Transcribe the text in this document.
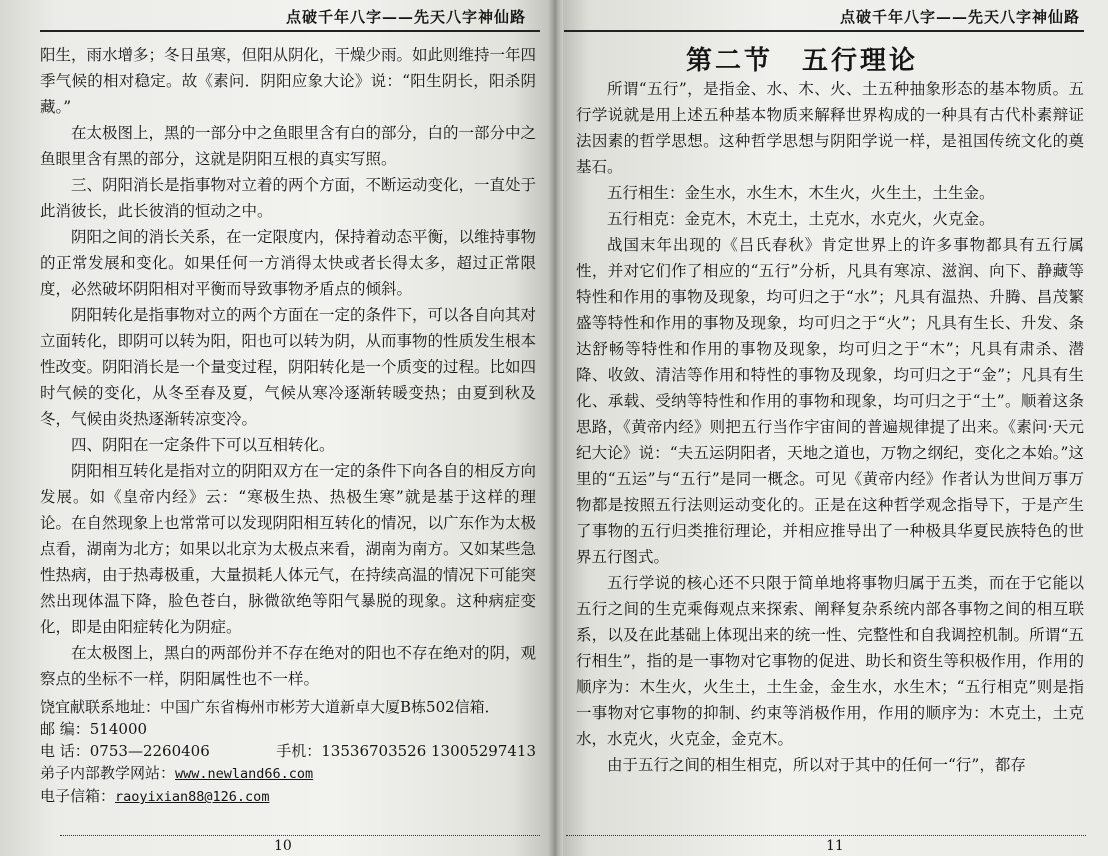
点破千年八字——先天八字神仙路

阳生，雨水增多；冬日虽寒，但阳从阴化，干燥少雨。如此则维持一年四季气候的相对稳定。故《素问．阴阳应象大论》说：“阳生阴长，阳杀阴藏。”

在太极图上，黑的一部分中之鱼眼里含有白的部分，白的一部分中之鱼眼里含有黑的部分，这就是阴阳互根的真实写照。

三、阴阳消长是指事物对立着的两个方面，不断运动变化，一直处于此消彼长，此长彼消的恒动之中。

阴阳之间的消长关系，在一定限度内，保持着动态平衡，以维持事物的正常发展和变化。如果任何一方消得太快或者长得太多，超过正常限度，必然破坏阴阳相对平衡而导致事物矛盾点的倾斜。

阴阳转化是指事物对立的两个方面在一定的条件下，可以各自向其对立面转化，即阴可以转为阳，阳也可以转为阴，从而事物的性质发生根本性改变。阴阳消长是一个量变过程，阴阳转化是一个质变的过程。比如四时气候的变化，从冬至春及夏，气候从寒冷逐渐转暖变热；由夏到秋及冬，气候由炎热逐渐转凉变冷。

四、阴阳在一定条件下可以互相转化。

阴阳相互转化是指对立的阴阳双方在一定的条件下向各自的相反方向发展。如《皇帝内经》云：“寒极生热、热极生寒”就是基于这样的理论。在自然现象上也常常可以发现阴阳相互转化的情况，以广东作为太极点看，湖南为北方；如果以北京为太极点来看，湖南为南方。又如某些急性热病，由于热毒极重，大量损耗人体元气，在持续高温的情况下可能突然出现体温下降，脸色苍白，脉微欲绝等阳气暴脱的现象。这种病症变化，即是由阳症转化为阴症。

在太极图上，黑白的两部份并不存在绝对的阳也不存在绝对的阴，观察点的坐标不一样，阴阳属性也不一样。

饶宜献联系地址：中国广东省梅州市彬芳大道新卓大厦B栋502信箱．
邮 编：514000
电 话：0753—2260406	手机：13536703526 13005297413
弟子内部教学网站：www.newland66.com
电子信箱：raoyixian88@126.com
10
点破千年八字——先天八字神仙路
第二节　五行理论

所谓“五行”，是指金、水、木、火、土五种抽象形态的基本物质。五行学说就是用上述五种基本物质来解释世界构成的一种具有古代朴素辩证法因素的哲学思想。这种哲学思想与阴阳学说一样，是祖国传统文化的奠基石。

五行相生：金生水，水生木，木生火，火生土，土生金。

五行相克：金克木，木克土，土克水，水克火，火克金。

战国末年出现的《吕氏春秋》肯定世界上的许多事物都具有五行属性，并对它们作了相应的“五行”分析，凡具有寒凉、滋润、向下、静藏等特性和作用的事物及现象，均可归之于“水”；凡具有温热、升腾、昌茂繁盛等特性和作用的事物及现象，均可归之于“火”；凡具有生长、升发、条达舒畅等特性和作用的事物及现象，均可归之于“木”；凡具有肃杀、潜降、收敛、清洁等作用和特性的事物及现象，均可归之于“金”；凡具有生化、承载、受纳等特性和作用的事物和现象，均可归之于“土”。顺着这条思路，《黄帝内经》则把五行当作宇宙间的普遍规律提了出来。《素问·天元纪大论》说：“夫五运阴阳者，天地之道也，万物之纲纪，变化之本始。”这里的“五运”与“五行”是同一概念。可见《黄帝内经》作者认为世间万事万物都是按照五行法则运动变化的。正是在这种哲学观念指导下，于是产生了事物的五行归类推衍理论，并相应推导出了一种极具华夏民族特色的世界五行图式。

五行学说的核心还不只限于简单地将事物归属于五类，而在于它能以五行之间的生克乘侮观点来探索、阐释复杂系统内部各事物之间的相互联系，以及在此基础上体现出来的统一性、完整性和自我调控机制。所谓“五行相生”，指的是一事物对它事物的促进、助长和资生等积极作用，作用的顺序为：木生火，火生土，土生金，金生水，水生木；“五行相克”则是指一事物对它事物的抑制、约束等消极作用，作用的顺序为：木克土，土克水，水克火，火克金，金克木。

由于五行之间的相生相克，所以对于其中的任何一“行”，都存

11
